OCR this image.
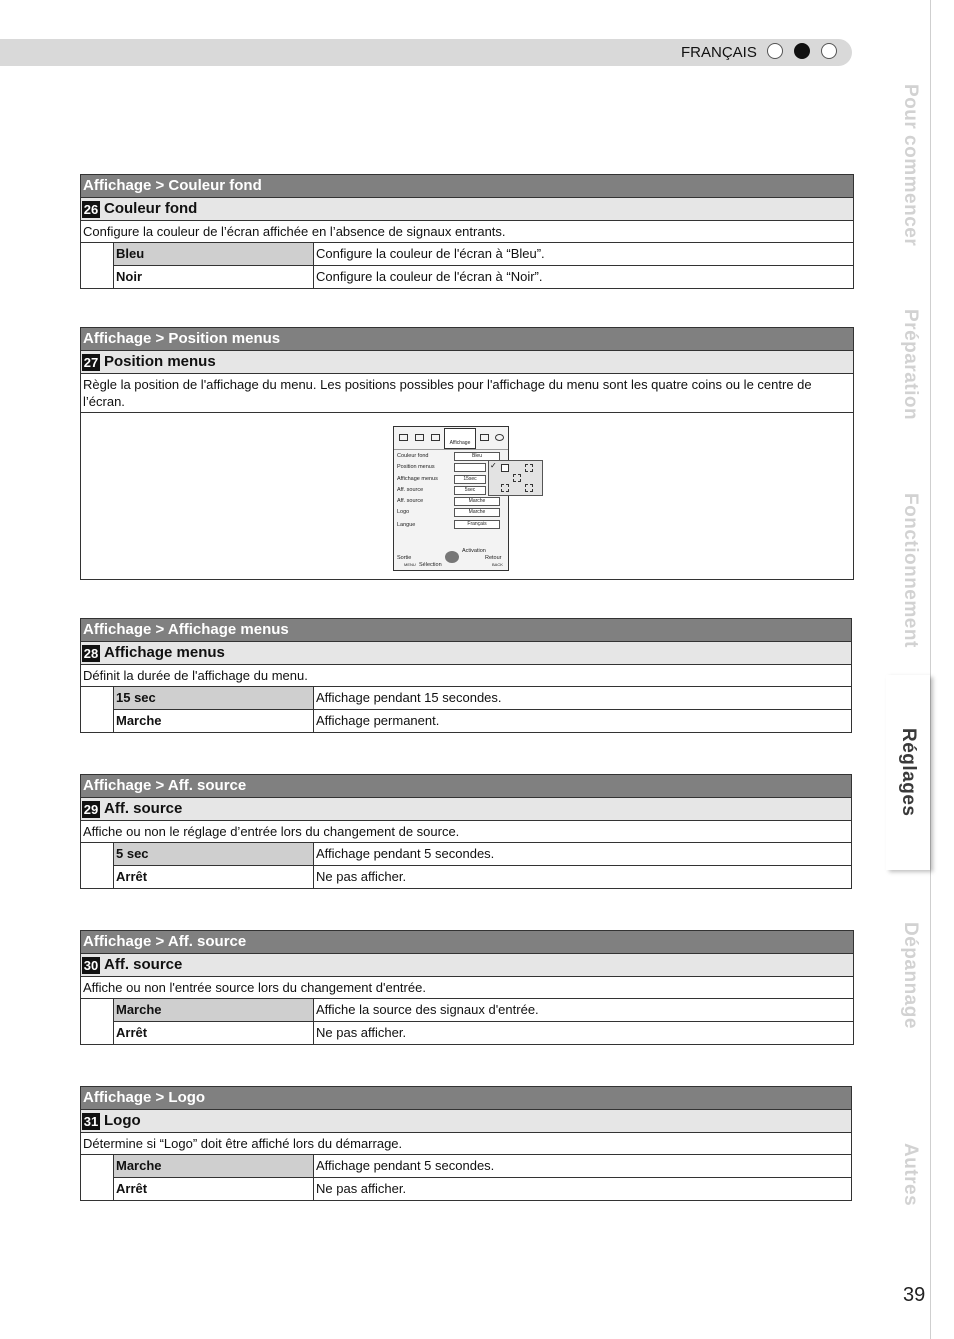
FRANÇAIS
Pour commencer
Préparation
Fonctionnement
Réglages
Dépannage
Autres
39
Affichage > Couleur fond
26 Couleur fond
Configure la couleur de l’écran affichée en l’absence de signaux entrants.
Bleu	Configure la couleur de l'écran à “Bleu”.
Noir	Configure la couleur de l'écran à “Noir”.
Affichage > Position menus
27 Position menus
Règle la position de l'affichage du menu. Les positions possibles pour l'affichage du menu sont les quatre coins ou le centre de l’écran.
Affichage
Couleur fond	Bleu
Position menus
Affichage menus	15sec
Aff. source	5sec
Aff. source	Marche
Logo	Marche
Langue	Français
Activation
Sortie
MENU
Retour
BACK
Sélection
✓
Affichage > Affichage menus
28 Affichage menus
Définit la durée de l'affichage du menu.
15 sec	Affichage pendant 15 secondes.
Marche	Affichage permanent.
Affichage > Aff. source
29 Aff. source
Affiche ou non le réglage d’entrée lors du changement de source.
5 sec	Affichage pendant 5 secondes.
Arrêt	Ne pas afficher.
Affichage > Aff. source
30 Aff. source
Affiche ou non l'entrée source lors du changement d'entrée.
Marche	Affiche la source des signaux d'entrée.
Arrêt	Ne pas afficher.
Affichage > Logo
31 Logo
Détermine si “Logo” doit être affiché lors du démarrage.
Marche	Affichage pendant 5 secondes.
Arrêt	Ne pas afficher.
